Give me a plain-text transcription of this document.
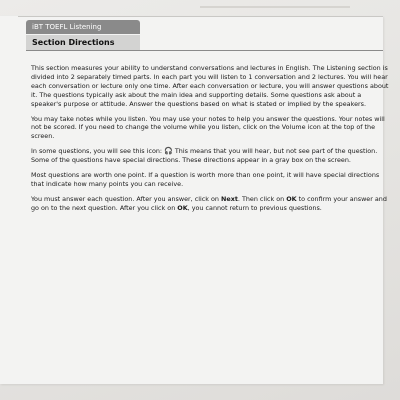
iBT TOEFL Listening
Section Directions

This section measures your ability to understand conversations and lectures in English. The Listening section is divided into 2 separately timed parts. In each part you will listen to 1 conversation and 2 lectures. You will hear each conversation or lecture only one time. After each conversation or lecture, you will answer questions about it. The questions typically ask about the main idea and supporting details. Some questions ask about a speaker's purpose or attitude. Answer the questions based on what is stated or implied by the speakers.

You may take notes while you listen. You may use your notes to help you answer the questions. Your notes will not be scored. If you need to change the volume while you listen, click on the Volume icon at the top of the screen.

In some questions, you will see this icon: 🎧 This means that you will hear, but not see part of the question. Some of the questions have special directions. These directions appear in a gray box on the screen.

Most questions are worth one point. If a question is worth more than one point, it will have special directions that indicate how many points you can receive.

You must answer each question. After you answer, click on Next. Then click on OK to confirm your answer and go on to the next question. After you click on OK, you cannot return to previous questions.
